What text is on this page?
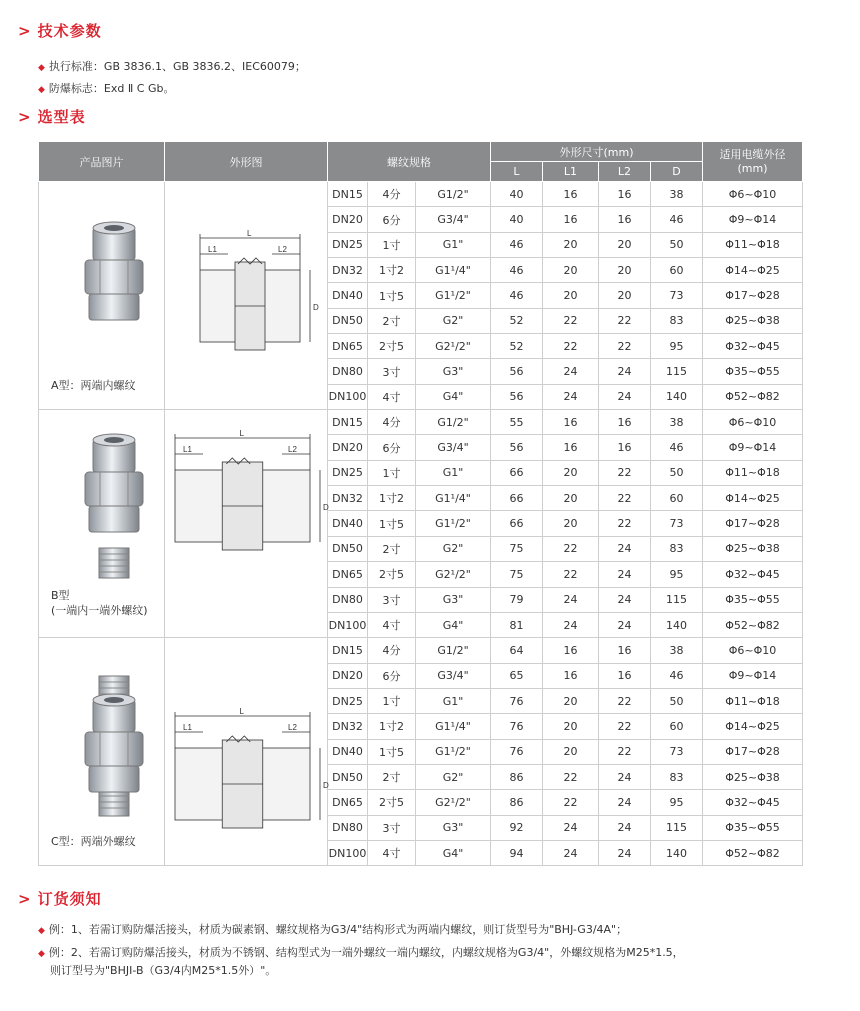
> 技术参数
◆ 执行标准：GB 3836.1、GB 3836.2、IEC60079；
◆ 防爆标志：Exd Ⅱ C Gb。
> 选型表
产品图片	外形图	螺纹规格			外形尺寸(mm)				适用电缆外径
(mm)
					L	L1	L2	D	

A型：两端内螺纹	L
L1 L2
D	DN15	4分	G1/2"	40	16	16	38	Φ6~Φ10
		DN20	6分	G3/4"	40	16	16	46	Φ9~Φ14
		DN25	1寸	G1"	46	20	20	50	Φ11~Φ18
		DN32	1寸2	G1¹/4"	46	20	20	60	Φ14~Φ25
		DN40	1寸5	G1¹/2"	46	20	20	73	Φ17~Φ28
		DN50	2寸	G2"	52	22	22	83	Φ25~Φ38
		DN65	2寸5	G2¹/2"	52	22	22	95	Φ32~Φ45
		DN80	3寸	G3"	56	24	24	115	Φ35~Φ55
		DN100	4寸	G4"	56	24	24	140	Φ52~Φ82

B型
(一端内一端外螺纹)	L
L1 L2
D	DN15	4分	G1/2"	55	16	16	38	Φ6~Φ10
		DN20	6分	G3/4"	56	16	16	46	Φ9~Φ14
		DN25	1寸	G1"	66	20	22	50	Φ11~Φ18
		DN32	1寸2	G1¹/4"	66	20	22	60	Φ14~Φ25
		DN40	1寸5	G1¹/2"	66	20	22	73	Φ17~Φ28
		DN50	2寸	G2"	75	22	24	83	Φ25~Φ38
		DN65	2寸5	G2¹/2"	75	22	24	95	Φ32~Φ45
		DN80	3寸	G3"	79	24	24	115	Φ35~Φ55
		DN100	4寸	G4"	81	24	24	140	Φ52~Φ82

C型：两端外螺纹	L
L1 L2
D	DN15	4分	G1/2"	64	16	16	38	Φ6~Φ10
		DN20	6分	G3/4"	65	16	16	46	Φ9~Φ14
		DN25	1寸	G1"	76	20	22	50	Φ11~Φ18
		DN32	1寸2	G1¹/4"	76	20	22	60	Φ14~Φ25
		DN40	1寸5	G1¹/2"	76	20	22	73	Φ17~Φ28
		DN50	2寸	G2"	86	22	24	83	Φ25~Φ38
		DN65	2寸5	G2¹/2"	86	22	24	95	Φ32~Φ45
		DN80	3寸	G3"	92	24	24	115	Φ35~Φ55
		DN100	4寸	G4"	94	24	24	140	Φ52~Φ82
> 订货须知
◆ 例：1、若需订购防爆活接头，材质为碳素钢、螺纹规格为G3/4"结构形式为两端内螺纹，则订货型号为"BHJ-G3/4A"；
◆ 例：2、若需订购防爆活接头，材质为不锈钢、结构型式为一端外螺纹一端内螺纹，内螺纹规格为G3/4"，外螺纹规格为M25*1.5，
则订型号为"BHJI-B（G3/4内M25*1.5外）"。
